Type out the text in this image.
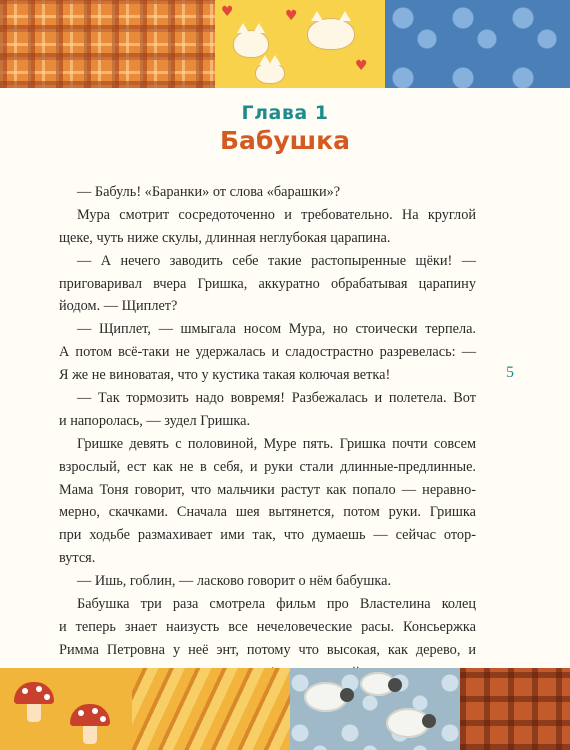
♥
♥
♥
Глава 1
Бабушка
— Бабуль! «Баранки» от слова «барашки»?
Мура смотрит сосредоточенно и требовательно. На круглой
щеке, чуть ниже скулы, длинная неглубокая царапина.
— А нечего заводить себе такие растопыренные щёки! —
приговаривал вчера Гришка, аккуратно обрабатывая царапину
йодом. — Щиплет?
— Щиплет, — шмыгала носом Мура, но стоически терпела.
А потом всё-таки не удержалась и сладострастно разревелась: —
Я же не виноватая, что у кустика такая колючая ветка!
— Так тормозить надо вовремя! Разбежалась и полетела. Вот
и напоролась, — зудел Гришка.
Гришке девять с половиной, Муре пять. Гришка почти совсем
взрослый, ест как не в себя, и руки стали длинные-предлинные.
Мама Тоня говорит, что мальчики растут как попало — неравно-
мерно, скачками. Сначала шея вытянется, потом руки. Гришка
при ходьбе размахивает ими так, что думаешь — сейчас отор-
вутся.
— Ишь, гоблин, — ласково говорит о нём бабушка.
Бабушка три раза смотрела фильм про Властелина колец
и теперь знает наизусть все нечеловеческие расы. Консьержка
Римма Петровна у неё энт, потому что высокая, как дерево, и
5
